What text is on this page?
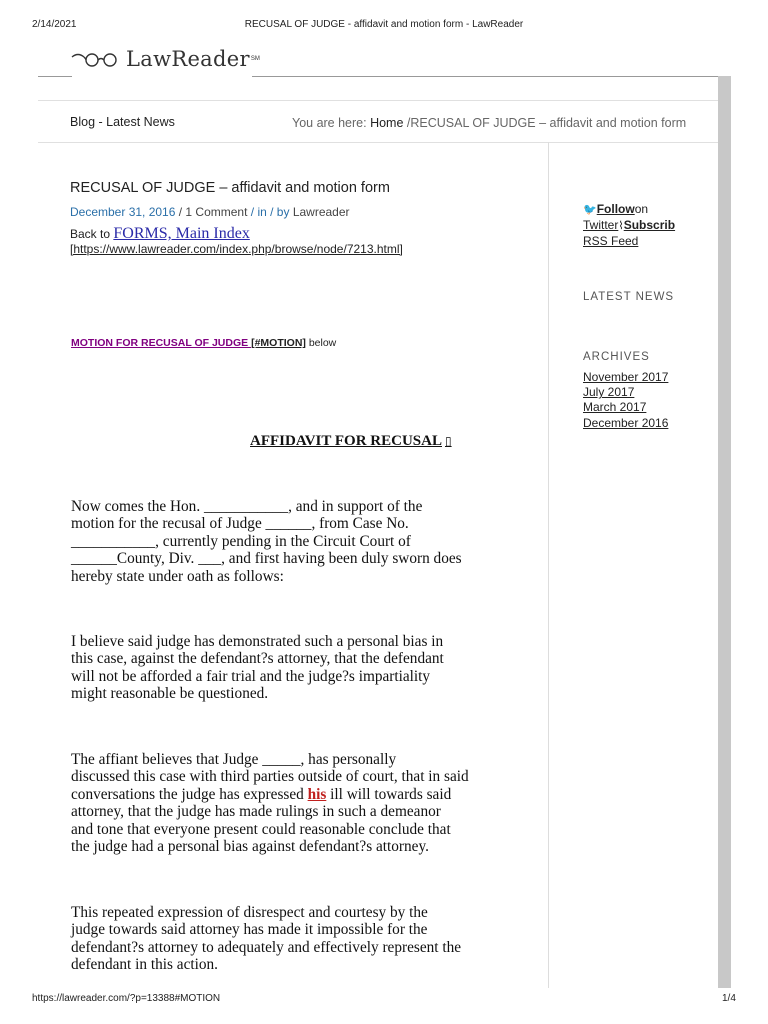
2/14/2021	RECUSAL OF JUDGE - affidavit and motion form - LawReader
LawReader SM
Blog - Latest News	You are here: Home /RECUSAL OF JUDGE – affidavit and motion form
RECUSAL OF JUDGE – affidavit and motion form
December 31, 2016 / 1 Comment / in / by Lawreader
Back to FORMS, Main Index
[https://www.lawreader.com/index.php/browse/node/7213.html]
MOTION FOR RECUSAL OF JUDGE [#MOTION] below
AFFIDAVIT FOR RECUSAL ▯
Now comes the Hon. ___________, and in support of the
motion for the recusal of Judge ______, from Case No.
___________, currently pending in the Circuit Court of
______County, Div. ___, and first having been duly sworn does
hereby state under oath as follows:
I believe said judge has demonstrated such a personal bias in
this case, against the defendant?s attorney, that the defendant
will not be afforded a fair trial and the judge?s impartiality
might reasonable be questioned.
The affiant believes that Judge _____, has personally
discussed this case with third parties outside of court, that in said
conversations the judge has expressed his ill will towards said
attorney, that the judge has made rulings in such a demeanor
and tone that everyone present could reasonable conclude that
the judge had a personal bias against defendant?s attorney.
This repeated expression of disrespect and courtesy by the
judge towards said attorney has made it impossible for the
defendant?s attorney to adequately and effectively represent the
defendant in this action.
🐦Followon
Twitter⌇Subscrib
RSS Feed
LATEST NEWS
ARCHIVES
November 2017
July 2017
March 2017
December 2016
https://lawreader.com/?p=13388#MOTION	1/4
